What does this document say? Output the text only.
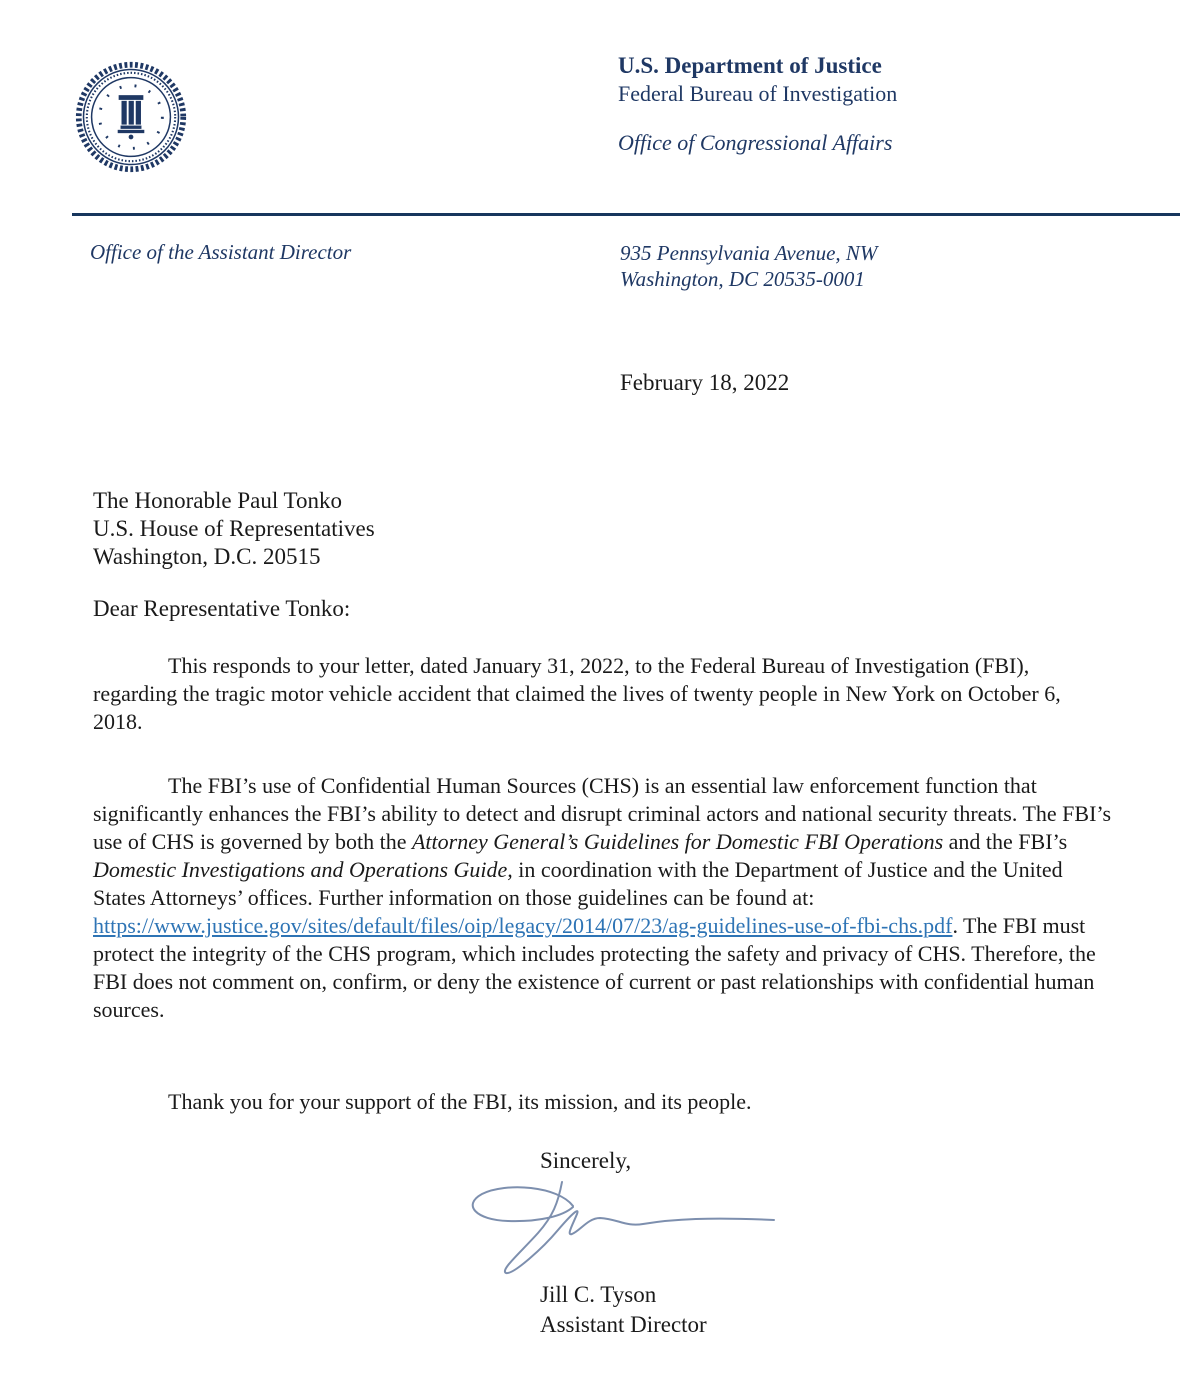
U.S. Department of Justice
Federal Bureau of Investigation
Office of Congressional Affairs
Office of the Assistant Director	935 Pennsylvania Avenue, NW
Washington, DC 20535-0001
February 18, 2022
The Honorable Paul Tonko
U.S. House of Representatives
Washington, D.C. 20515
Dear Representative Tonko:
This responds to your letter, dated January 31, 2022, to the Federal Bureau of Investigation (FBI), regarding the tragic motor vehicle accident that claimed the lives of twenty people in New York on October 6, 2018.
The FBI’s use of Confidential Human Sources (CHS) is an essential law enforcement function that significantly enhances the FBI’s ability to detect and disrupt criminal actors and national security threats. The FBI’s use of CHS is governed by both the Attorney General’s Guidelines for Domestic FBI Operations and the FBI’s Domestic Investigations and Operations Guide, in coordination with the Department of Justice and the United States Attorneys’ offices. Further information on those guidelines can be found at: https://www.justice.gov/sites/default/files/oip/legacy/2014/07/23/ag-guidelines-use-of-fbi-chs.pdf. The FBI must protect the integrity of the CHS program, which includes protecting the safety and privacy of CHS. Therefore, the FBI does not comment on, confirm, or deny the existence of current or past relationships with confidential human sources.
Thank you for your support of the FBI, its mission, and its people.
Sincerely,
Jill C. Tyson
Assistant Director
